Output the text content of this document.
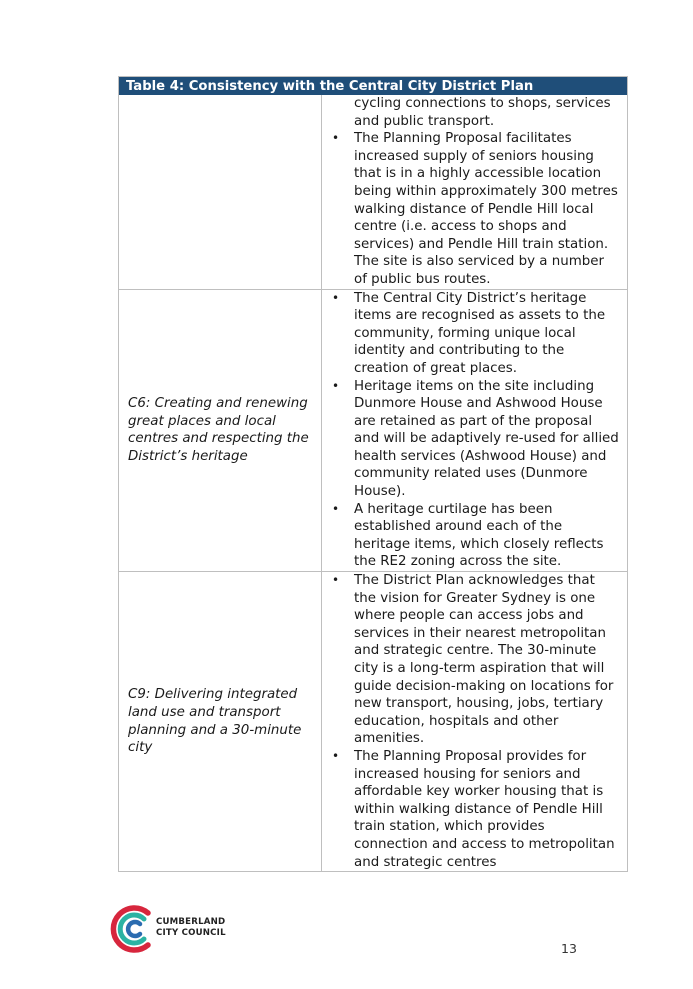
Table 4: Consistency with the Central City District Plan
cycling connections to shops, services and public transport.
• The Planning Proposal facilitates increased supply of seniors housing that is in a highly accessible location being within approximately 300 metres walking distance of Pendle Hill local centre (i.e. access to shops and services) and Pendle Hill train station. The site is also serviced by a number of public bus routes.
C6: Creating and renewing great places and local centres and respecting the District’s heritage
• The Central City District’s heritage items are recognised as assets to the community, forming unique local identity and contributing to the creation of great places.
• Heritage items on the site including Dunmore House and Ashwood House are retained as part of the proposal and will be adaptively re-used for allied health services (Ashwood House) and community related uses (Dunmore House).
• A heritage curtilage has been established around each of the heritage items, which closely reflects the RE2 zoning across the site.
C9: Delivering integrated land use and transport planning and a 30-minute city
• The District Plan acknowledges that the vision for Greater Sydney is one where people can access jobs and services in their nearest metropolitan and strategic centre. The 30-minute city is a long-term aspiration that will guide decision-making on locations for new transport, housing, jobs, tertiary education, hospitals and other amenities.
• The Planning Proposal provides for increased housing for seniors and affordable key worker housing that is within walking distance of Pendle Hill train station, which provides connection and access to metropolitan and strategic centres
CUMBERLAND
CITY COUNCIL
13
